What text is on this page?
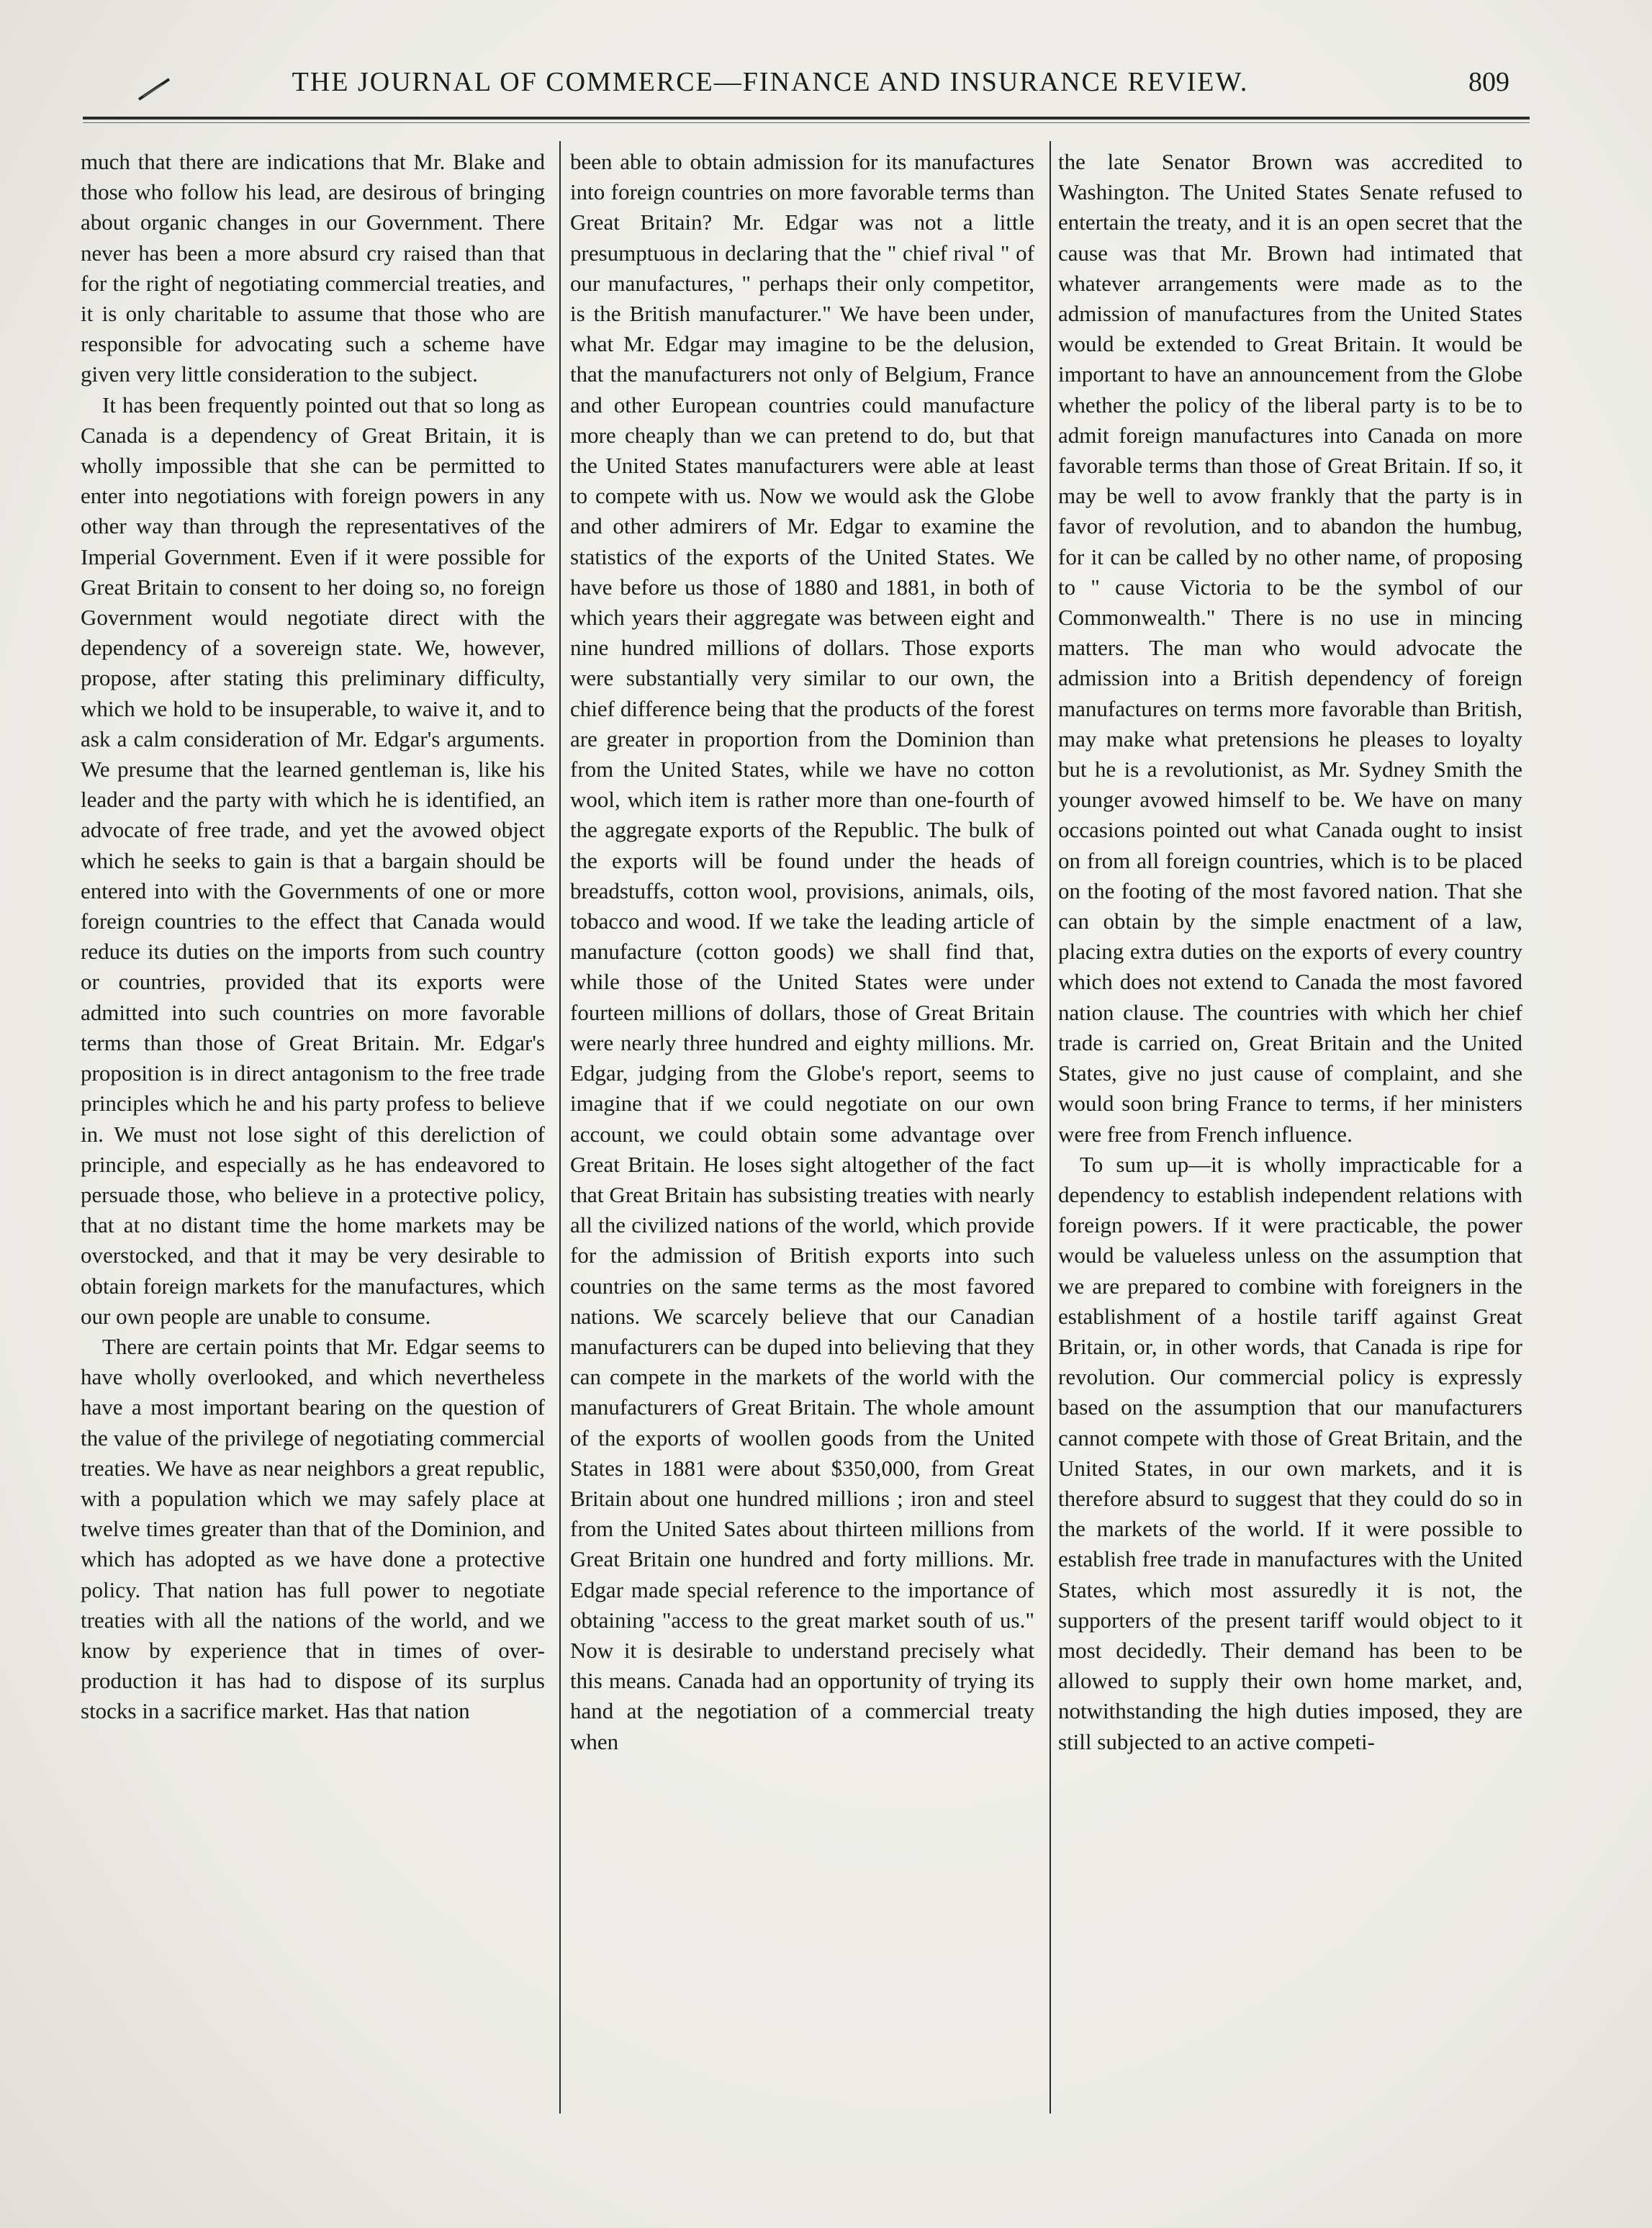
THE JOURNAL OF COMMERCE—FINANCE AND INSURANCE REVIEW.	809

much that there are indications that Mr. Blake and those who follow his lead, are desirous of bringing about organic changes in our Government. There never has been a more absurd cry raised than that for the right of negotiating commercial treaties, and it is only charitable to assume that those who are responsible for advocating such a scheme have given very little consideration to the subject.

It has been frequently pointed out that so long as Canada is a dependency of Great Britain, it is wholly impossible that she can be permitted to enter into negotiations with foreign powers in any other way than through the representatives of the Imperial Government. Even if it were possible for Great Britain to consent to her doing so, no foreign Government would negotiate direct with the dependency of a sovereign state. We, however, propose, after stating this preliminary difficulty, which we hold to be insuperable, to waive it, and to ask a calm consideration of Mr. Edgar's arguments. We presume that the learned gentleman is, like his leader and the party with which he is identified, an advocate of free trade, and yet the avowed object which he seeks to gain is that a bargain should be entered into with the Governments of one or more foreign countries to the effect that Canada would reduce its duties on the imports from such country or countries, provided that its exports were admitted into such countries on more favorable terms than those of Great Britain. Mr. Edgar's proposition is in direct antagonism to the free trade principles which he and his party profess to believe in. We must not lose sight of this dereliction of principle, and especially as he has endeavored to persuade those, who believe in a protective policy, that at no distant time the home markets may be overstocked, and that it may be very desirable to obtain foreign markets for the manufactures, which our own people are unable to consume.

There are certain points that Mr. Edgar seems to have wholly overlooked, and which nevertheless have a most important bearing on the question of the value of the privilege of negotiating commercial treaties. We have as near neighbors a great republic, with a population which we may safely place at twelve times greater than that of the Dominion, and which has adopted as we have done a protective policy. That nation has full power to negotiate treaties with all the nations of the world, and we know by experience that in times of over-production it has had to dispose of its surplus stocks in a sacrifice market. Has that nation

been able to obtain admission for its manufactures into foreign countries on more favorable terms than Great Britain? Mr. Edgar was not a little presumptuous in declaring that the " chief rival " of our manufactures, " perhaps their only competitor, is the British manufacturer." We have been under, what Mr. Edgar may imagine to be the delusion, that the manufacturers not only of Belgium, France and other European countries could manufacture more cheaply than we can pretend to do, but that the United States manufacturers were able at least to compete with us. Now we would ask the Globe and other admirers of Mr. Edgar to examine the statistics of the exports of the United States. We have before us those of 1880 and 1881, in both of which years their aggregate was between eight and nine hundred millions of dollars. Those exports were substantially very similar to our own, the chief difference being that the products of the forest are greater in proportion from the Dominion than from the United States, while we have no cotton wool, which item is rather more than one-fourth of the aggregate exports of the Republic. The bulk of the exports will be found under the heads of breadstuffs, cotton wool, provisions, animals, oils, tobacco and wood. If we take the leading article of manufacture (cotton goods) we shall find that, while those of the United States were under fourteen millions of dollars, those of Great Britain were nearly three hundred and eighty millions. Mr. Edgar, judging from the Globe's report, seems to imagine that if we could negotiate on our own account, we could obtain some advantage over Great Britain. He loses sight altogether of the fact that Great Britain has subsisting treaties with nearly all the civilized nations of the world, which provide for the admission of British exports into such countries on the same terms as the most favored nations. We scarcely believe that our Canadian manufacturers can be duped into believing that they can compete in the markets of the world with the manufacturers of Great Britain. The whole amount of the exports of woollen goods from the United States in 1881 were about $350,000, from Great Britain about one hundred millions ; iron and steel from the United Sates about thirteen millions from Great Britain one hundred and forty millions. Mr. Edgar made special reference to the importance of obtaining "access to the great market south of us." Now it is desirable to understand precisely what this means. Canada had an opportunity of trying its hand at the negotiation of a commercial treaty when

the late Senator Brown was accredited to Washington. The United States Senate refused to entertain the treaty, and it is an open secret that the cause was that Mr. Brown had intimated that whatever arrangements were made as to the admission of manufactures from the United States would be extended to Great Britain. It would be important to have an announcement from the Globe whether the policy of the liberal party is to be to admit foreign manufactures into Canada on more favorable terms than those of Great Britain. If so, it may be well to avow frankly that the party is in favor of revolution, and to abandon the humbug, for it can be called by no other name, of proposing to " cause Victoria to be the symbol of our Commonwealth." There is no use in mincing matters. The man who would advocate the admission into a British dependency of foreign manufactures on terms more favorable than British, may make what pretensions he pleases to loyalty but he is a revolutionist, as Mr. Sydney Smith the younger avowed himself to be. We have on many occasions pointed out what Canada ought to insist on from all foreign countries, which is to be placed on the footing of the most favored nation. That she can obtain by the simple enactment of a law, placing extra duties on the exports of every country which does not extend to Canada the most favored nation clause. The countries with which her chief trade is carried on, Great Britain and the United States, give no just cause of complaint, and she would soon bring France to terms, if her ministers were free from French influence.

To sum up—it is wholly impracticable for a dependency to establish independent relations with foreign powers. If it were practicable, the power would be valueless unless on the assumption that we are prepared to combine with foreigners in the establishment of a hostile tariff against Great Britain, or, in other words, that Canada is ripe for revolution. Our commercial policy is expressly based on the assumption that our manufacturers cannot compete with those of Great Britain, and the United States, in our own markets, and it is therefore absurd to suggest that they could do so in the markets of the world. If it were possible to establish free trade in manufactures with the United States, which most assuredly it is not, the supporters of the present tariff would object to it most decidedly. Their demand has been to be allowed to supply their own home market, and, notwithstanding the high duties imposed, they are still subjected to an active competi-
